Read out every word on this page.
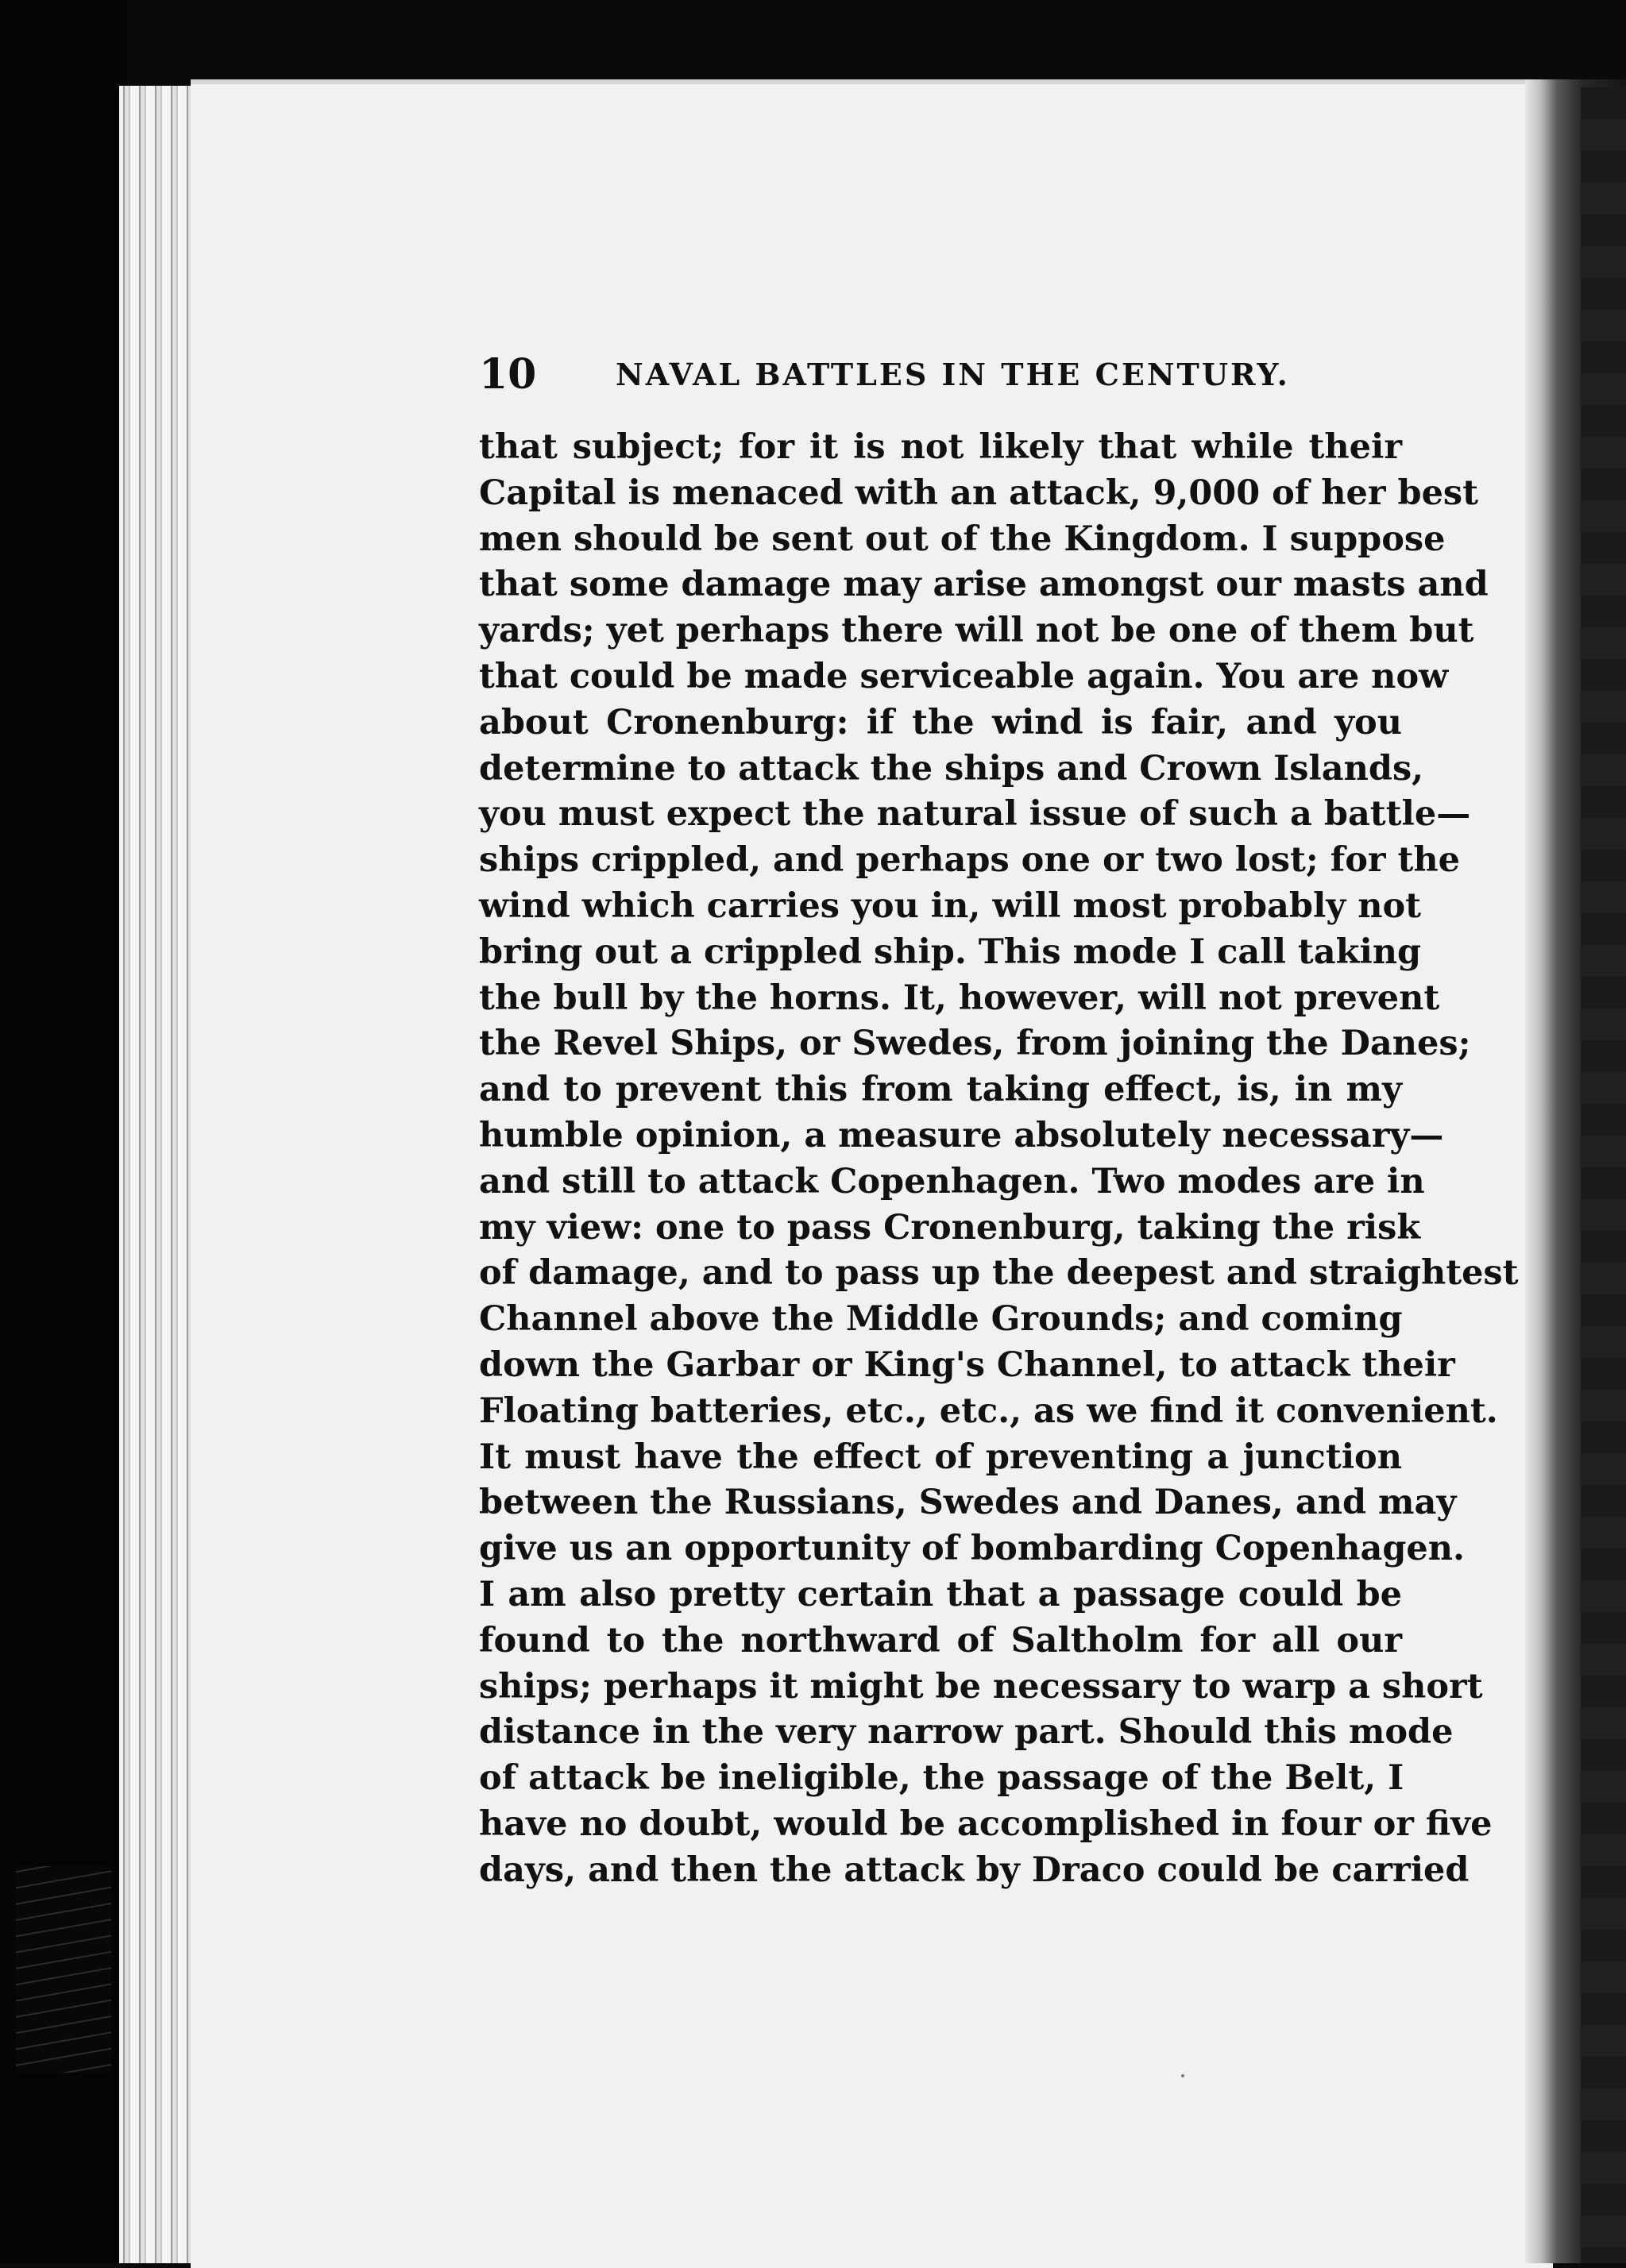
10	NAVAL BATTLES IN THE CENTURY.
that subject; for it is not likely that while their
Capital is menaced with an attack, 9,000 of her best
men should be sent out of the Kingdom. I suppose
that some damage may arise amongst our masts and
yards; yet perhaps there will not be one of them but
that could be made serviceable again. You are now
about Cronenburg: if the wind is fair, and you
determine to attack the ships and Crown Islands,
you must expect the natural issue of such a battle—
ships crippled, and perhaps one or two lost; for the
wind which carries you in, will most probably not
bring out a crippled ship. This mode I call taking
the bull by the horns. It, however, will not prevent
the Revel Ships, or Swedes, from joining the Danes;
and to prevent this from taking effect, is, in my
humble opinion, a measure absolutely necessary—
and still to attack Copenhagen. Two modes are in
my view: one to pass Cronenburg, taking the risk
of damage, and to pass up the deepest and straightest
Channel above the Middle Grounds; and coming
down the Garbar or King's Channel, to attack their
Floating batteries, etc., etc., as we find it convenient.
It must have the effect of preventing a junction
between the Russians, Swedes and Danes, and may
give us an opportunity of bombarding Copenhagen.
I am also pretty certain that a passage could be
found to the northward of Saltholm for all our
ships; perhaps it might be necessary to warp a short
distance in the very narrow part. Should this mode
of attack be ineligible, the passage of the Belt, I
have no doubt, would be accomplished in four or five
days, and then the attack by Draco could be carried
